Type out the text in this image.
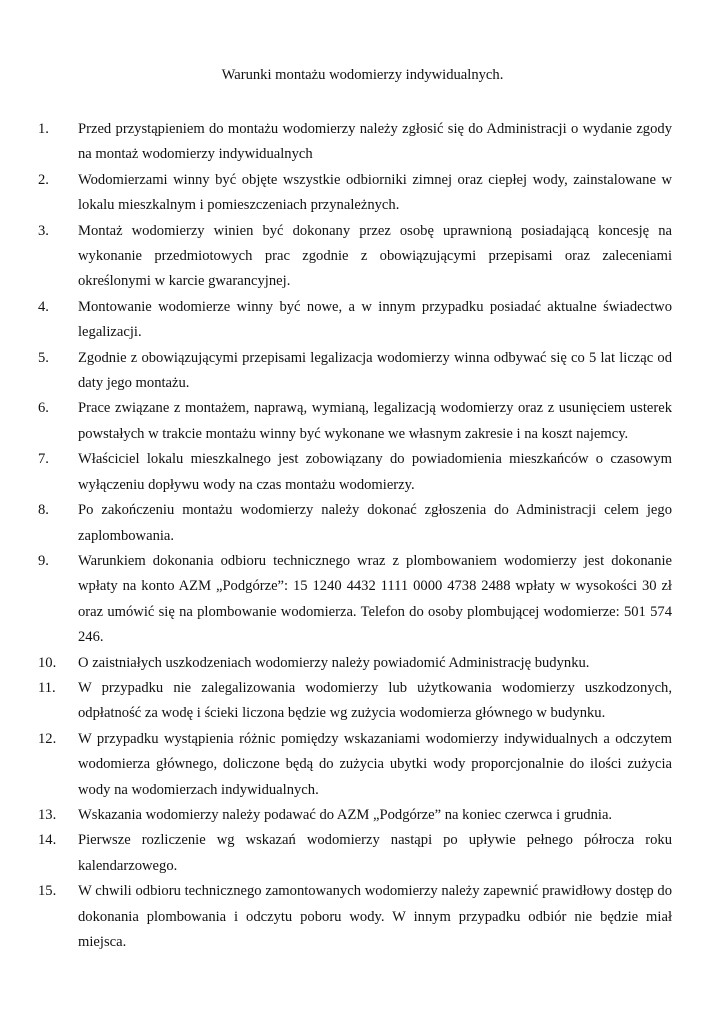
Warunki montażu wodomierzy indywidualnych.
1.	Przed przystąpieniem do montażu wodomierzy należy zgłosić się do Administracji o wydanie zgody na montaż wodomierzy indywidualnych
2.	Wodomierzami winny być objęte wszystkie odbiorniki zimnej oraz ciepłej wody, zainstalowane w lokalu mieszkalnym i pomieszczeniach przynależnych.
3.	Montaż wodomierzy winien być dokonany przez osobę uprawnioną posiadającą koncesję na wykonanie przedmiotowych prac zgodnie z obowiązującymi przepisami oraz zaleceniami określonymi w karcie gwarancyjnej.
4.	Montowanie wodomierze winny być nowe, a w innym przypadku posiadać aktualne świadectwo legalizacji.
5.	Zgodnie z obowiązującymi przepisami legalizacja wodomierzy winna odbywać się co 5 lat licząc od daty jego montażu.
6.	Prace związane z montażem, naprawą, wymianą, legalizacją wodomierzy oraz z usunięciem usterek powstałych w trakcie montażu winny być wykonane we własnym zakresie i na koszt najemcy.
7.	Właściciel lokalu mieszkalnego jest zobowiązany do powiadomienia mieszkańców o czasowym wyłączeniu dopływu wody na czas montażu wodomierzy.
8.	Po zakończeniu montażu wodomierzy należy dokonać zgłoszenia do Administracji celem jego zaplombowania.
9.	Warunkiem dokonania odbioru technicznego wraz z plombowaniem wodomierzy jest dokonanie wpłaty na konto AZM „Podgórze”: 15 1240 4432 1111 0000 4738 2488 wpłaty w wysokości 30 zł oraz umówić się na plombowanie wodomierza. Telefon do osoby plombującej wodomierze: 501 574 246.
10.	O zaistniałych uszkodzeniach wodomierzy należy powiadomić Administrację budynku.
11.	W przypadku nie zalegalizowania wodomierzy lub użytkowania wodomierzy uszkodzonych, odpłatność za wodę i ścieki liczona będzie wg zużycia wodomierza głównego w budynku.
12.	W przypadku wystąpienia różnic pomiędzy wskazaniami wodomierzy indywidualnych a odczytem wodomierza głównego, doliczone będą do zużycia ubytki wody proporcjonalnie do ilości zużycia wody na wodomierzach indywidualnych.
13.	Wskazania wodomierzy należy podawać do AZM „Podgórze” na koniec czerwca i grudnia.
14.	Pierwsze rozliczenie wg wskazań wodomierzy nastąpi po upływie pełnego półrocza roku kalendarzowego.
15.	W chwili odbioru technicznego zamontowanych wodomierzy należy zapewnić prawidłowy dostęp do dokonania plombowania i odczytu poboru wody. W innym przypadku odbiór nie będzie miał miejsca.
